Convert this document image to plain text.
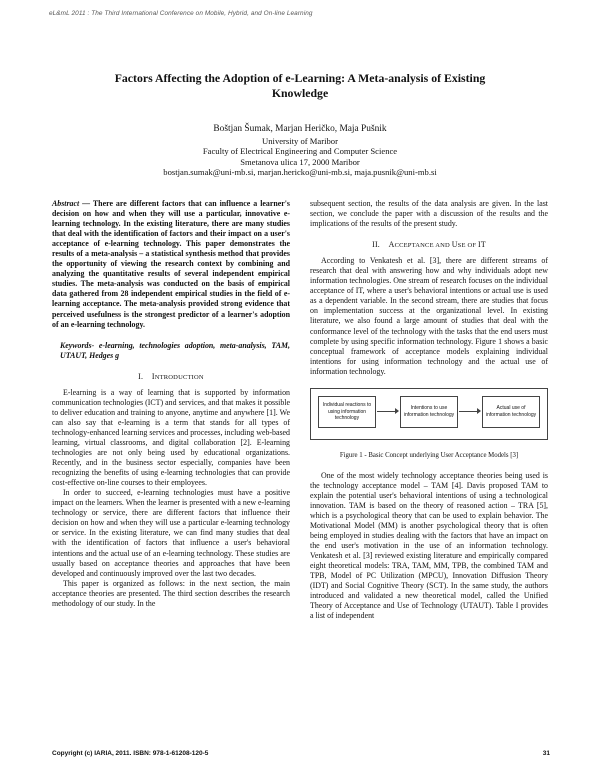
eL&mL 2011 : The Third International Conference on Mobile, Hybrid, and On-line Learning
Factors Affecting the Adoption of e-Learning: A Meta-analysis of Existing
Knowledge
Boštjan Šumak, Marjan Heričko, Maja Pušnik
University of Maribor
Faculty of Electrical Engineering and Computer Science
Smetanova ulica 17, 2000 Maribor
bostjan.sumak@uni-mb.si, marjan.hericko@uni-mb.si, maja.pusnik@uni-mb.si
Abstract — There are different factors that can influence a learner's decision on how and when they will use a particular, innovative e-learning technology. In the existing literature, there are many studies that deal with the identification of factors and their impact on a user's acceptance of e-learning technology. This paper demonstrates the results of a meta-analysis – a statistical synthesis method that provides the opportunity of viewing the research context by combining and analyzing the quantitative results of several independent empirical studies. The meta-analysis was conducted on the basis of empirical data gathered from 28 independent empirical studies in the field of e-learning acceptance. The meta-analysis provided strong evidence that perceived usefulness is the strongest predictor of a learner's adoption of an e-learning technology.
Keywords- e-learning, technologies adoption, meta-analysis, TAM, UTAUT, Hedges g
I. INTRODUCTION

E-learning is a way of learning that is supported by information communication technologies (ICT) and services, and that makes it possible to deliver education and training to anyone, anytime and anywhere [1]. We can also say that e-learning is a term that stands for all types of technology-enhanced learning services and processes, including web-based learning, virtual classrooms, and digital collaboration [2]. E-learning technologies are not only being used by educational organizations. Recently, and in the business sector especially, companies have been recognizing the benefits of using e-learning technologies that can provide cost-effective on-line courses to their employees.

In order to succeed, e-learning technologies must have a positive impact on the learners. When the learner is presented with a new e-learning technology or service, there are different factors that influence their decision on how and when they will use a particular e-learning technology or service. In the existing literature, we can find many studies that deal with the identification of factors that influence a user's behavioral intentions and the actual use of an e-learning technology. These studies are usually based on acceptance theories and approaches that have been developed and continuously improved over the last two decades.

This paper is organized as follows: in the next section, the main acceptance theories are presented. The third section describes the research methodology of our study. In the

subsequent section, the results of the data analysis are given. In the last section, we conclude the paper with a discussion of the results and the implications of the results of the present study.

II. ACCEPTANCE AND USE OF IT

According to Venkatesh et al. [3], there are different streams of research that deal with answering how and why individuals adopt new information technologies. One stream of research focuses on the individual acceptance of IT, where a user's behavioral intentions or actual use is used as a dependent variable. In the second stream, there are studies that focus on implementation success at the organizational level. In existing literature, we also found a large amount of studies that deal with the conformance level of the technology with the tasks that the end users must complete by using specific information technology. Figure 1 shows a basic conceptual framework of acceptance models explaining individual intentions for using information technology and the actual use of information technology.

Individual reactions to using information technology
Intentions to use information technology
Actual use of information technology
Figure 1 - Basic Concept underlying User Acceptance Models [3]

One of the most widely technology acceptance theories being used is the technology acceptance model – TAM [4]. Davis proposed TAM to explain the potential user's behavioral intentions of using a technological innovation. TAM is based on the theory of reasoned action – TRA [5], which is a psychological theory that can be used to explain behavior. The Motivational Model (MM) is another psychological theory that is often being employed in studies dealing with the factors that have an impact on the end user's motivation in the use of an information technology. Venkatesh et al. [3] reviewed existing literature and empirically compared eight theoretical models: TRA, TAM, MM, TPB, the combined TAM and TPB, Model of PC Utilization (MPCU), Innovation Diffusion Theory (IDT) and Social Cognitive Theory (SCT). In the same study, the authors introduced and validated a new theoretical model, called the Unified Theory of Acceptance and Use of Technology (UTAUT). Table I provides a list of independent

Copyright (c) IARIA, 2011. ISBN: 978-1-61208-120-5	31
